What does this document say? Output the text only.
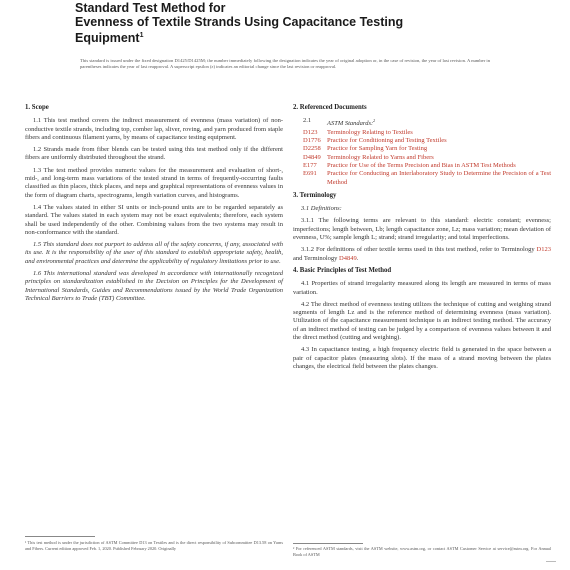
Standard Test Method for
Evenness of Textile Strands Using Capacitance Testing
Equipment$^1$
This standard is issued under the fixed designation D1425/D1425M; the number immediately following the designation indicates the year of original adoption or, in the case of revision, the year of last revision. A number in parentheses indicates the year of last reapproval. A superscript epsilon (ε) indicates an editorial change since the last revision or reapproval.
1. Scope
1.1 This test method covers the indirect measurement of evenness (mass variation) of non-conductive textile strands, including top, comber lap, sliver, roving, and yarn produced from staple fibers and continuous filament yarns, by means of capacitance testing equipment.
1.2 Strands made from fiber blends can be tested using this test method only if the different fibers are uniformly distributed throughout the strand.
1.3 The test method provides numeric values for the measurement and evaluation of short-, mid-, and long-term mass variations of the tested strand in terms of frequently-occurring faults classified as thin places, thick places, and neps and graphical representations of evenness values in the form of diagram charts, spectrograms, length variation curves, and histograms.
1.4 The values stated in either SI units or inch-pound units are to be regarded separately as standard. The values stated in each system may not be exact equivalents; therefore, each system shall be used independently of the other. Combining values from the two systems may result in non-conformance with the standard.
1.5 This standard does not purport to address all of the safety concerns, if any, associated with its use. It is the responsibility of the user of this standard to establish appropriate safety, health, and environmental practices and determine the applicability of regulatory limitations prior to use.
1.6 This international standard was developed in accordance with internationally recognized principles on standardization established in the Decision on Principles for the Development of International Standards, Guides and Recommendations issued by the World Trade Organization Technical Barriers to Trade (TBT) Committee.
2. Referenced Documents
2.1	ASTM Standards:$^2$
D123	Terminology Relating to Textiles
D1776 Practice for Conditioning and Testing Textiles
D2258 Practice for Sampling Yarn for Testing
D4849 Terminology Related to Yarns and Fibers
E177	Practice for Use of the Terms Precision and Bias in ASTM Test Methods
E691	Practice for Conducting an Interlaboratory Study to Determine the Precision of a Test Method
3. Terminology
3.1 Definitions:
3.1.1 The following terms are relevant to this standard: electric constant; evenness; imperfections; length between, Lb; length capacitance zone, Lz; mass variation; mean deviation of evenness, U%; sample length L; strand; strand irregularity; and total imperfections.
3.1.2 For definitions of other textile terms used in this test method, refer to Terminology D123 and Terminology D4849.
4. Basic Principles of Test Method
4.1 Properties of strand irregularity measured along its length are measured in terms of mass variation.
4.2 The direct method of evenness testing utilizes the technique of cutting and weighing strand segments of length Lz and is the reference method of determining evenness (mass variation). Utilization of the capacitance measurement technique is an indirect testing method. The accuracy of an indirect method of testing can be judged by a comparison of evenness values between it and the direct method (cutting and weighing).
4.3 In capacitance testing, a high frequency electric field is generated in the space between a pair of capacitor plates (measuring slots). If the mass of a strand moving between the plates changes, the electrical field between the plates changes.
¹ This test method is under the jurisdiction of ASTM Committee D13 on Textiles and is the direct responsibility of Subcommittee D13.58 on Yarns and Fibers. Current edition approved Feb. 1, 2020. Published February 2020. Originally	² For referenced ASTM standards, visit the ASTM website, www.astm.org, or contact ASTM Customer Service at service@astm.org. For Annual Book of ASTM
